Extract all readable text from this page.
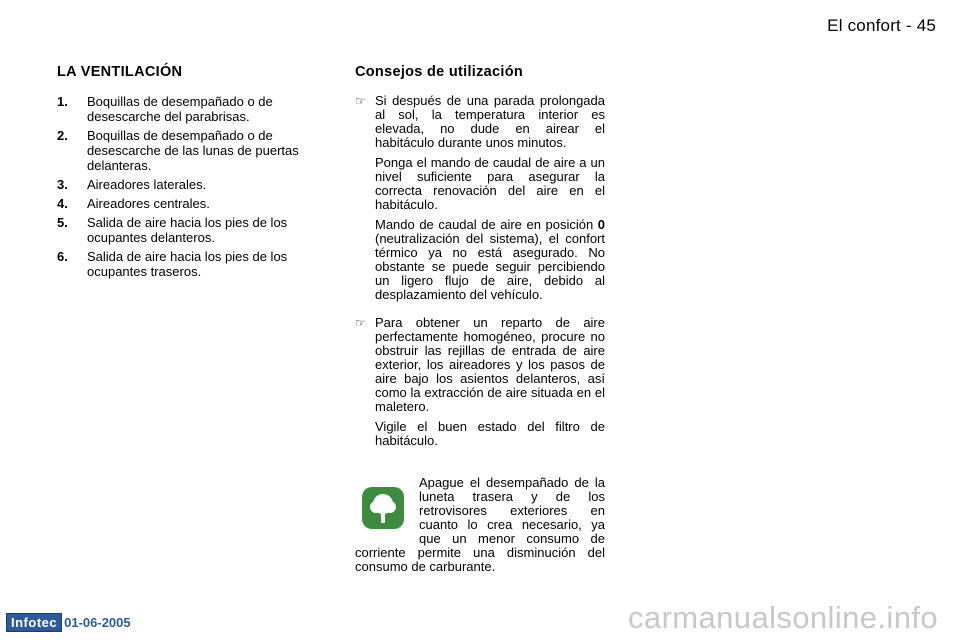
El confort - 45
LA VENTILACIÓN
1.	Boquillas de desempañado o de desescarche del parabrisas.
2.	Boquillas de desempañado o de desescarche de las lunas de puertas delanteras.
3.	Aireadores laterales.
4.	Aireadores centrales.
5.	Salida de aire hacia los pies de los ocupantes delanteros.
6.	Salida de aire hacia los pies de los ocupantes traseros.
Consejos de utilización
☞ Si después de una parada prolongada al sol, la temperatura interior es elevada, no dude en airear el habitáculo durante unos minutos.

Ponga el mando de caudal de aire a un nivel suficiente para asegurar la correcta renovación del aire en el habitáculo.

Mando de caudal de aire en posición 0 (neutralización del sistema), el confort térmico ya no está asegurado. No obstante se puede seguir percibiendo un ligero flujo de aire, debido al desplazamiento del vehículo.

☞ Para obtener un reparto de aire perfectamente homogéneo, procure no obstruir las rejillas de entrada de aire exterior, los aireadores y los pasos de aire bajo los asientos delanteros, así como la extracción de aire situada en el maletero.

Vigile el buen estado del filtro de habitáculo.

Apague el desempañado de la luneta trasera y de los retrovisores exteriores en cuanto lo crea necesario, ya que un menor consumo de corriente permite una disminución del consumo de carburante.
Infotec 01-06-2005	carmanualsonline.info
